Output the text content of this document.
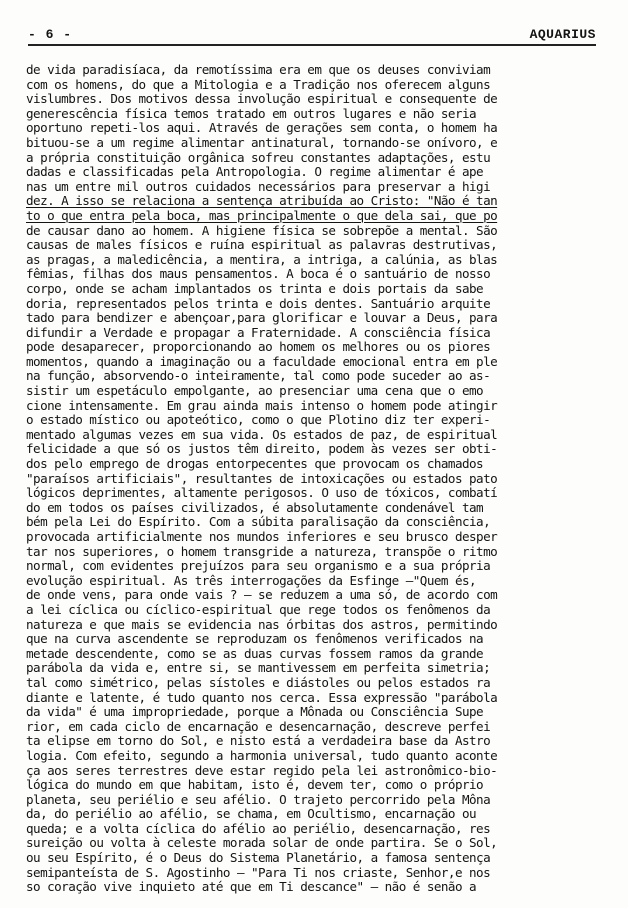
- 6 -	AQUARIUS
de vida paradisíaca, da remotíssima era em que os deuses conviviam
com os homens, do que a Mitologia e a Tradição nos oferecem alguns
vislumbres. Dos motivos dessa involução espiritual e consequente de
generescência física temos tratado em outros lugares e não seria
oportuno repeti-los aqui. Através de gerações sem conta, o homem ha
bituou-se a um regime alimentar antinatural, tornando-se onívoro, e
a própria constituição orgânica sofreu constantes adaptações, estu
dadas e classificadas pela Antropologia. O regime alimentar é ape
nas um entre mil outros cuidados necessários para preservar a higi
dez. A isso se relaciona a sentença atribuída ao Cristo: "Não é tan
to o que entra pela boca, mas principalmente o que dela sai, que po
de causar dano ao homem. A higiene física se sobrepõe a mental. São
causas de males físicos e ruína espiritual as palavras destrutivas,
as pragas, a maledicência, a mentira, a intriga, a calúnia, as blas
fêmias, filhas dos maus pensamentos. A boca é o santuário de nosso
corpo, onde se acham implantados os trinta e dois portais da sabe
doria, representados pelos trinta e dois dentes. Santuário arquite
tado para bendizer e abençoar,para glorificar e louvar a Deus, para
difundir a Verdade e propagar a Fraternidade. A consciência física
pode desaparecer, proporcionando ao homem os melhores ou os piores
momentos, quando a imaginação ou a faculdade emocional entra em ple
na função, absorvendo-o inteiramente, tal como pode suceder ao as-
sistir um espetáculo empolgante, ao presenciar uma cena que o emo
cione intensamente. Em grau ainda mais intenso o homem pode atingir
o estado místico ou apoteótico, como o que Plotino diz ter experi-
mentado algumas vezes em sua vida. Os estados de paz, de espiritual
felicidade a que só os justos têm direito, podem às vezes ser obti-
dos pelo emprego de drogas entorpecentes que provocam os chamados
"paraísos artificiais", resultantes de intoxicações ou estados pato
lógicos deprimentes, altamente perigosos. O uso de tóxicos, combatí
do em todos os países civilizados, é absolutamente condenável tam
bém pela Lei do Espírito. Com a súbita paralisação da consciência,
provocada artificialmente nos mundos inferiores e seu brusco desper
tar nos superiores, o homem transgride a natureza, transpõe o ritmo
normal, com evidentes prejuízos para seu organismo e a sua própria
evolução espiritual. As três interrogações da Esfinge —"Quem és,
de onde vens, para onde vais ? — se reduzem a uma só, de acordo com
a lei cíclica ou cíclico-espiritual que rege todos os fenômenos da
natureza e que mais se evidencia nas órbitas dos astros, permitindo
que na curva ascendente se reproduzam os fenômenos verificados na
metade descendente, como se as duas curvas fossem ramos da grande
parábola da vida e, entre si, se mantivessem em perfeita simetria;
tal como simétrico, pelas sístoles e diástoles ou pelos estados ra
diante e latente, é tudo quanto nos cerca. Essa expressão "parábola
da vida" é uma impropriedade, porque a Mônada ou Consciência Supe
rior, em cada ciclo de encarnação e desencarnação, descreve perfei
ta elipse em torno do Sol, e nisto está a verdadeira base da Astro
logia. Com efeito, segundo a harmonia universal, tudo quanto aconte
ça aos seres terrestres deve estar regido pela lei astronômico-bio-
lógica do mundo em que habitam, isto é, devem ter, como o próprio
planeta, seu periélio e seu afélio. O trajeto percorrido pela Môna
da, do periélio ao afélio, se chama, em Ocultismo, encarnação ou
queda; e a volta cíclica do afélio ao periélio, desencarnação, res
sureição ou volta à celeste morada solar de onde partira. Se o Sol,
ou seu Espírito, é o Deus do Sistema Planetário, a famosa sentença
semipanteísta de S. Agostinho — "Para Ti nos criaste, Senhor,e nos
so coração vive inquieto até que em Ti descance" — não é senão a
